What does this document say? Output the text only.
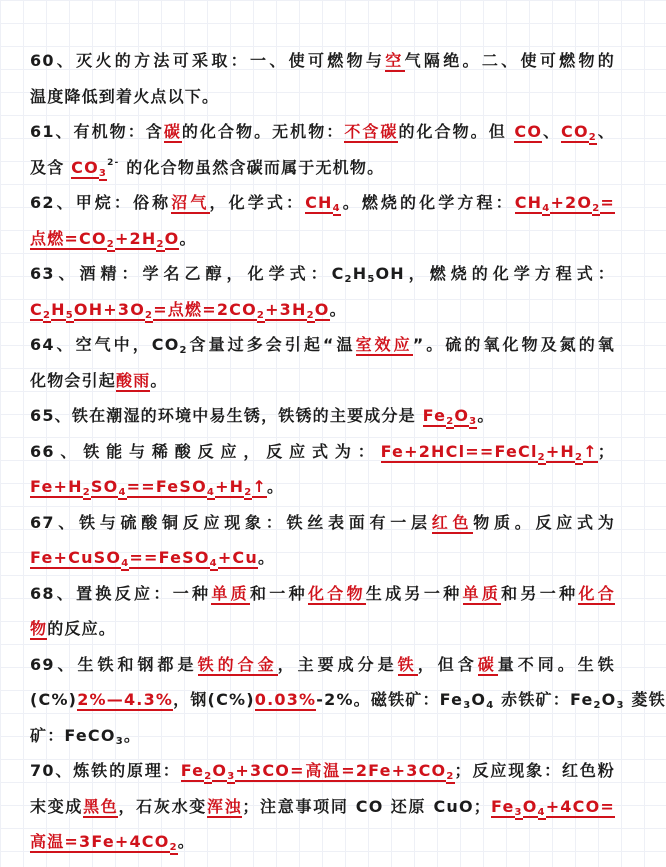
60、灭火的方法可采取：一、使可燃物与空气隔绝。二、使可燃物的
温度降低到着火点以下。
61、有机物：含碳的化合物。无机物：不含碳的化合物。但 CO、$CO_2$、
及含 $CO_3^{2-}$ 的化合物虽然含碳而属于无机物。
62、甲烷：俗称沼气，化学式：$CH_4$。燃烧的化学方程：$CH_4+2O_2=$
点燃$=CO_2+2H_2O$。
63、酒精：学名乙醇，化学式：$C_2H_5OH$，燃烧的化学方程式：
$C_2H_5OH+3O_2=$点燃$=2CO_2+3H_2O$。
64、空气中，$CO_2$含量过多会引起“温室效应”。硫的氧化物及氮的氧
化物会引起酸雨。
65、铁在潮湿的环境中易生锈，铁锈的主要成分是 $Fe_2O_3$。
66、铁能与稀酸反应，反应式为：$Fe+2HCl==FeCl_2+H_2↑$；
$Fe+H_2SO_4==FeSO_4+H_2↑$。
67、铁与硫酸铜反应现象：铁丝表面有一层红色物质。反应式为
Fe+CuSO$_4$==FeSO$_4$+Cu。
68、置换反应：一种单质和一种化合物生成另一种单质和另一种化合
物的反应。
69、生铁和钢都是铁的合金，主要成分是铁，但含碳量不同。生铁
(C%)2%—4.3%，钢(C%)0.03%-2%。磁铁矿：$Fe_3O_4$ 赤铁矿：$Fe_2O_3$ 菱铁
矿：FeCO$_3$。
70、炼铁的原理：$Fe_2O_3+3CO=$高温$=2Fe+3CO_2$；反应现象：红色粉
末变成黑色，石灰水变浑浊；注意事项同 CO 还原 CuO；$Fe_3O_4+4CO=$
高温$=3Fe+4CO_2$。
